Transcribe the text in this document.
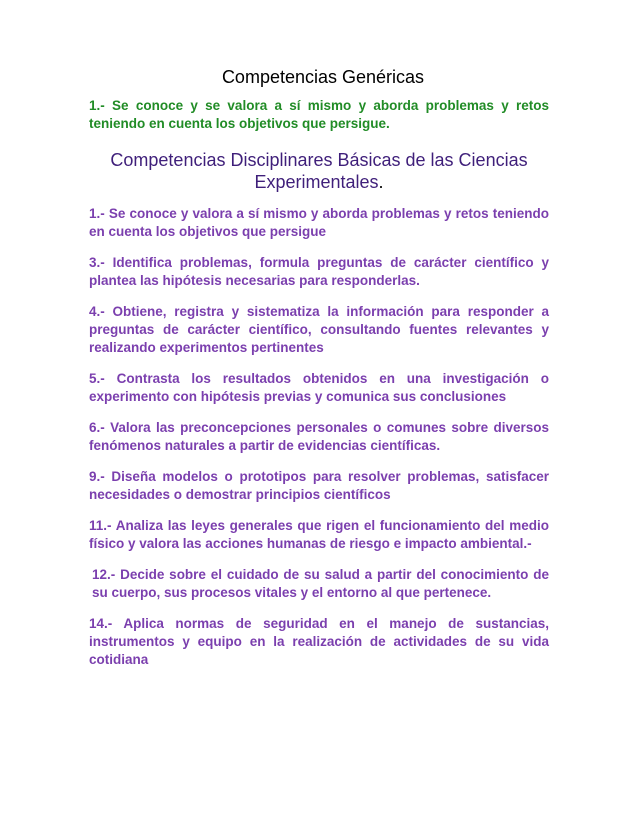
Competencias Genéricas

1.- Se conoce y se valora a sí mismo y aborda problemas y retos teniendo en cuenta los objetivos que persigue.

Competencias Disciplinares Básicas de las Ciencias Experimentales.

1.- Se conoce y valora a sí mismo y aborda problemas y retos teniendo en cuenta los objetivos que persigue

3.- Identifica problemas, formula preguntas de carácter científico y plantea las hipótesis necesarias para responderlas.

4.- Obtiene, registra y sistematiza la información para responder a preguntas de carácter científico, consultando fuentes relevantes y realizando experimentos pertinentes

5.- Contrasta los resultados obtenidos en una investigación o experimento con hipótesis previas y comunica sus conclusiones

6.- Valora las preconcepciones personales o comunes sobre diversos fenómenos naturales a partir de evidencias científicas.

9.- Diseña modelos o prototipos para resolver problemas, satisfacer necesidades o demostrar principios científicos

11.- Analiza las leyes generales que rigen el funcionamiento del medio físico y valora las acciones humanas de riesgo e impacto ambiental.-

12.- Decide sobre el cuidado de su salud a partir del conocimiento de su cuerpo, sus procesos vitales y el entorno al que pertenece.

14.- Aplica normas de seguridad en el manejo de sustancias, instrumentos y equipo en la realización de actividades de su vida cotidiana
